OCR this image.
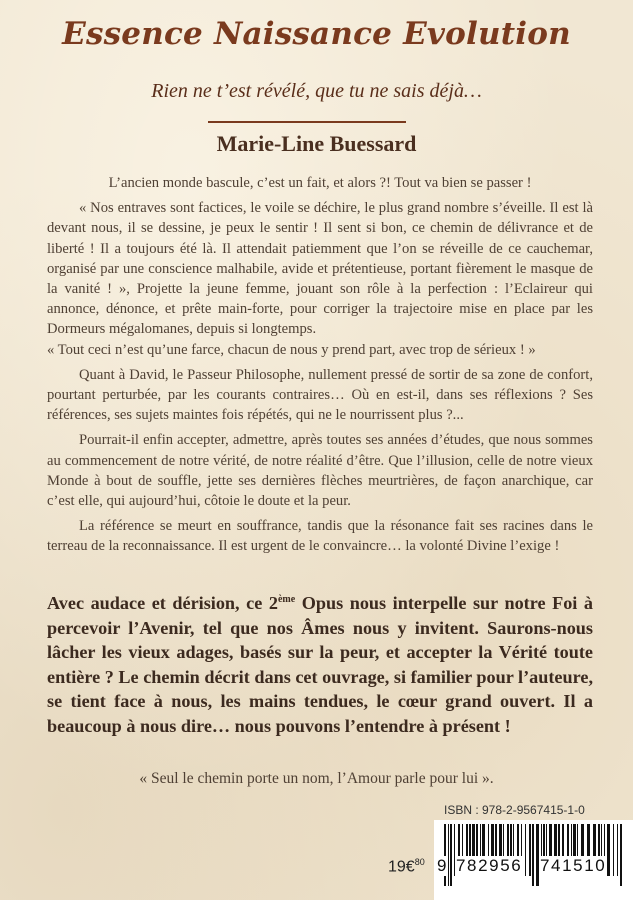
Essence Naissance Evolution
Rien ne t’est révélé, que tu ne sais déjà…
Marie-Line Buessard

L’ancien monde bascule, c’est un fait, et alors ?! Tout va bien se passer !

« Nos entraves sont factices, le voile se déchire, le plus grand nombre s’éveille. Il est là devant nous, il se dessine, je peux le sentir ! Il sent si bon, ce chemin de délivrance et de liberté ! Il a toujours été là. Il attendait patiemment que l’on se réveille de ce cauchemar, organisé par une conscience malhabile, avide et prétentieuse, portant fièrement le masque de la vanité ! », Projette la jeune femme, jouant son rôle à la perfection : l’Eclaireur qui annonce, dénonce, et prête main-forte, pour corriger la trajectoire mise en place par les Dormeurs mégalomanes, depuis si longtemps.

« Tout ceci n’est qu’une farce, chacun de nous y prend part, avec trop de sérieux ! »

Quant à David, le Passeur Philosophe, nullement pressé de sortir de sa zone de confort, pourtant perturbée, par les courants contraires… Où en est-il, dans ses réflexions ? Ses références, ses sujets maintes fois répétés, qui ne le nourrissent plus ?...

Pourrait-il enfin accepter, admettre, après toutes ses années d’études, que nous sommes au commencement de notre vérité, de notre réalité d’être. Que l’illusion, celle de notre vieux Monde à bout de souffle, jette ses dernières flèches meurtrières, de façon anarchique, car c’est elle, qui aujourd’hui, côtoie le doute et la peur.

La référence se meurt en souffrance, tandis que la résonance fait ses racines dans le terreau de la reconnaissance. Il est urgent de le convaincre… la volonté Divine l’exige !

Avec audace et dérision, ce 2ème Opus nous interpelle sur notre Foi à percevoir l’Avenir, tel que nos Âmes nous y invitent. Saurons-nous lâcher les vieux adages, basés sur la peur, et accepter la Vérité toute entière ? Le chemin décrit dans cet ouvrage, si familier pour l’auteure, se tient face à nous, les mains tendues, le cœur grand ouvert. Il a beaucoup à nous dire… nous pouvons l’entendre à présent !
« Seul le chemin porte un nom, l’Amour parle pour lui ».
ISBN : 978-2-9567415-1-0
9 782956 741510
19€$^{80}$
